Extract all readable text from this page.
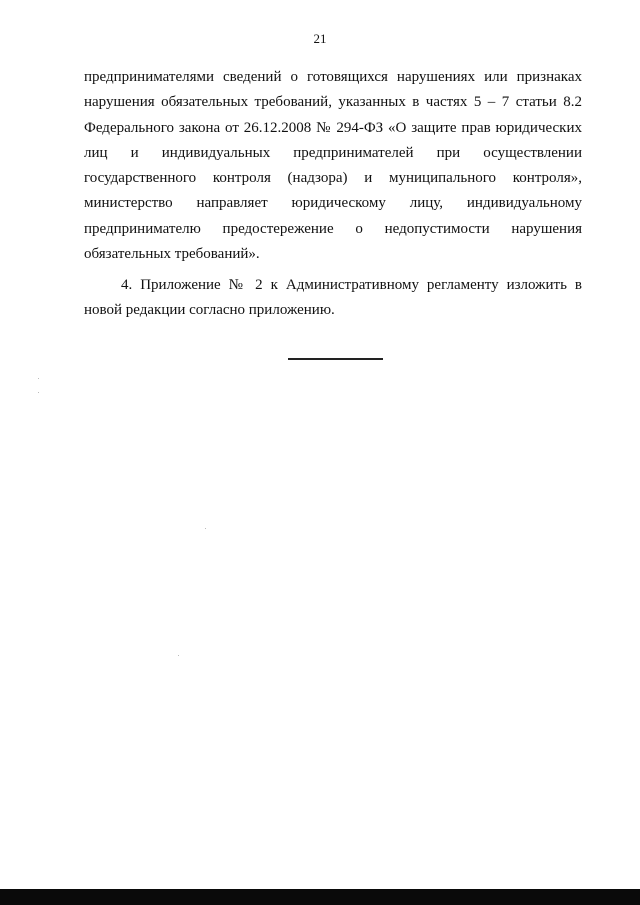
21
предпринимателями сведений о готовящихся нарушениях или признаках
нарушения обязательных требований, указанных в частях 5 – 7 статьи 8.2
Федерального закона от 26.12.2008 № 294-ФЗ «О защите прав юридических
лиц и индивидуальных предпринимателей при осуществлении
государственного контроля (надзора) и муниципального контроля»,
министерство направляет юридическому лицу, индивидуальному
предпринимателю предостережение о недопустимости нарушения
обязательных требований».
4. Приложение № 2 к Административному регламенту изложить в
новой редакции согласно приложению.
